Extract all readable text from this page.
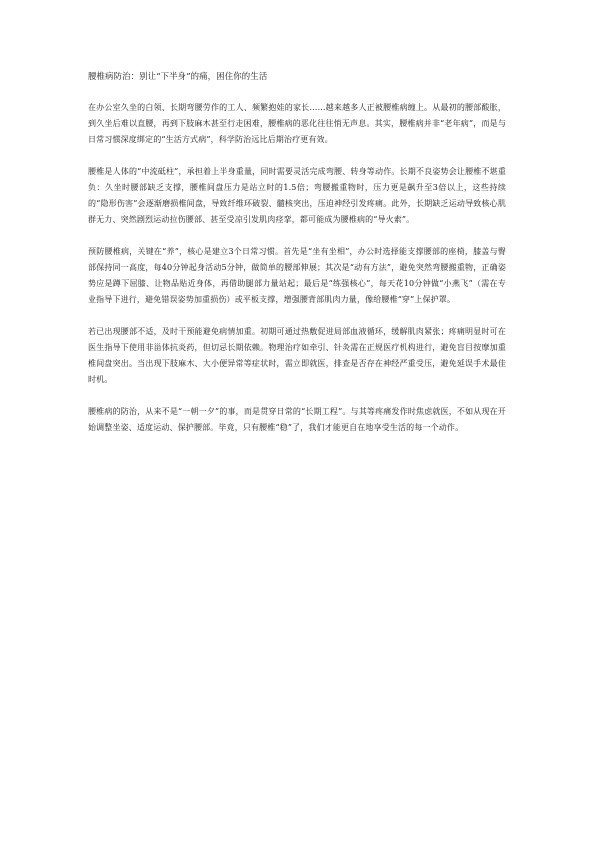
腰椎病防治：别让“下半身”的痛，困住你的生活
在办公室久坐的白领、长期弯腰劳作的工人、频繁抱娃的家长……越来越多人正被腰椎病缠上。从最初的腰部酸胀，到久坐后难以直腰，再到下肢麻木甚至行走困难，腰椎病的恶化往往悄无声息。其实，腰椎病并非“老年病”，而是与日常习惯深度绑定的“生活方式病”，科学防治远比后期治疗更有效。
腰椎是人体的“中流砥柱”，承担着上半身重量，同时需要灵活完成弯腰、转身等动作。长期不良姿势会让腰椎不堪重负：久坐时腰部缺乏支撑，腰椎间盘压力是站立时的1.5倍；弯腰搬重物时，压力更是飙升至3倍以上，这些持续的“隐形伤害”会逐渐磨损椎间盘，导致纤维环破裂、髓核突出，压迫神经引发疼痛。此外，长期缺乏运动导致核心肌群无力、突然剧烈运动拉伤腰部、甚至受凉引发肌肉痉挛，都可能成为腰椎病的“导火索”。
预防腰椎病，关键在“养”，核心是建立3个日常习惯。首先是“坐有坐相”，办公时选择能支撑腰部的座椅，膝盖与臀部保持同一高度，每40分钟起身活动5分钟，做简单的腰部伸展；其次是“动有方法”，避免突然弯腰搬重物，正确姿势应是蹲下屈膝、让物品贴近身体，再借助腿部力量站起；最后是“练强核心”，每天花10分钟做“小燕飞”（需在专业指导下进行，避免错误姿势加重损伤）或平板支撑，增强腰背部肌肉力量，像给腰椎“穿”上保护罩。
若已出现腰部不适，及时干预能避免病情加重。初期可通过热敷促进局部血液循环，缓解肌肉紧张；疼痛明显时可在医生指导下使用非甾体抗炎药，但切忌长期依赖。物理治疗如牵引、针灸需在正规医疗机构进行，避免盲目按摩加重椎间盘突出。当出现下肢麻木、大小便异常等症状时，需立即就医，排查是否存在神经严重受压，避免延误手术最佳时机。
腰椎病的防治，从来不是“一朝一夕”的事，而是贯穿日常的“长期工程”。与其等疼痛发作时焦虑就医，不如从现在开始调整坐姿、适度运动、保护腰部。毕竟，只有腰椎“稳”了，我们才能更自在地享受生活的每一个动作。
